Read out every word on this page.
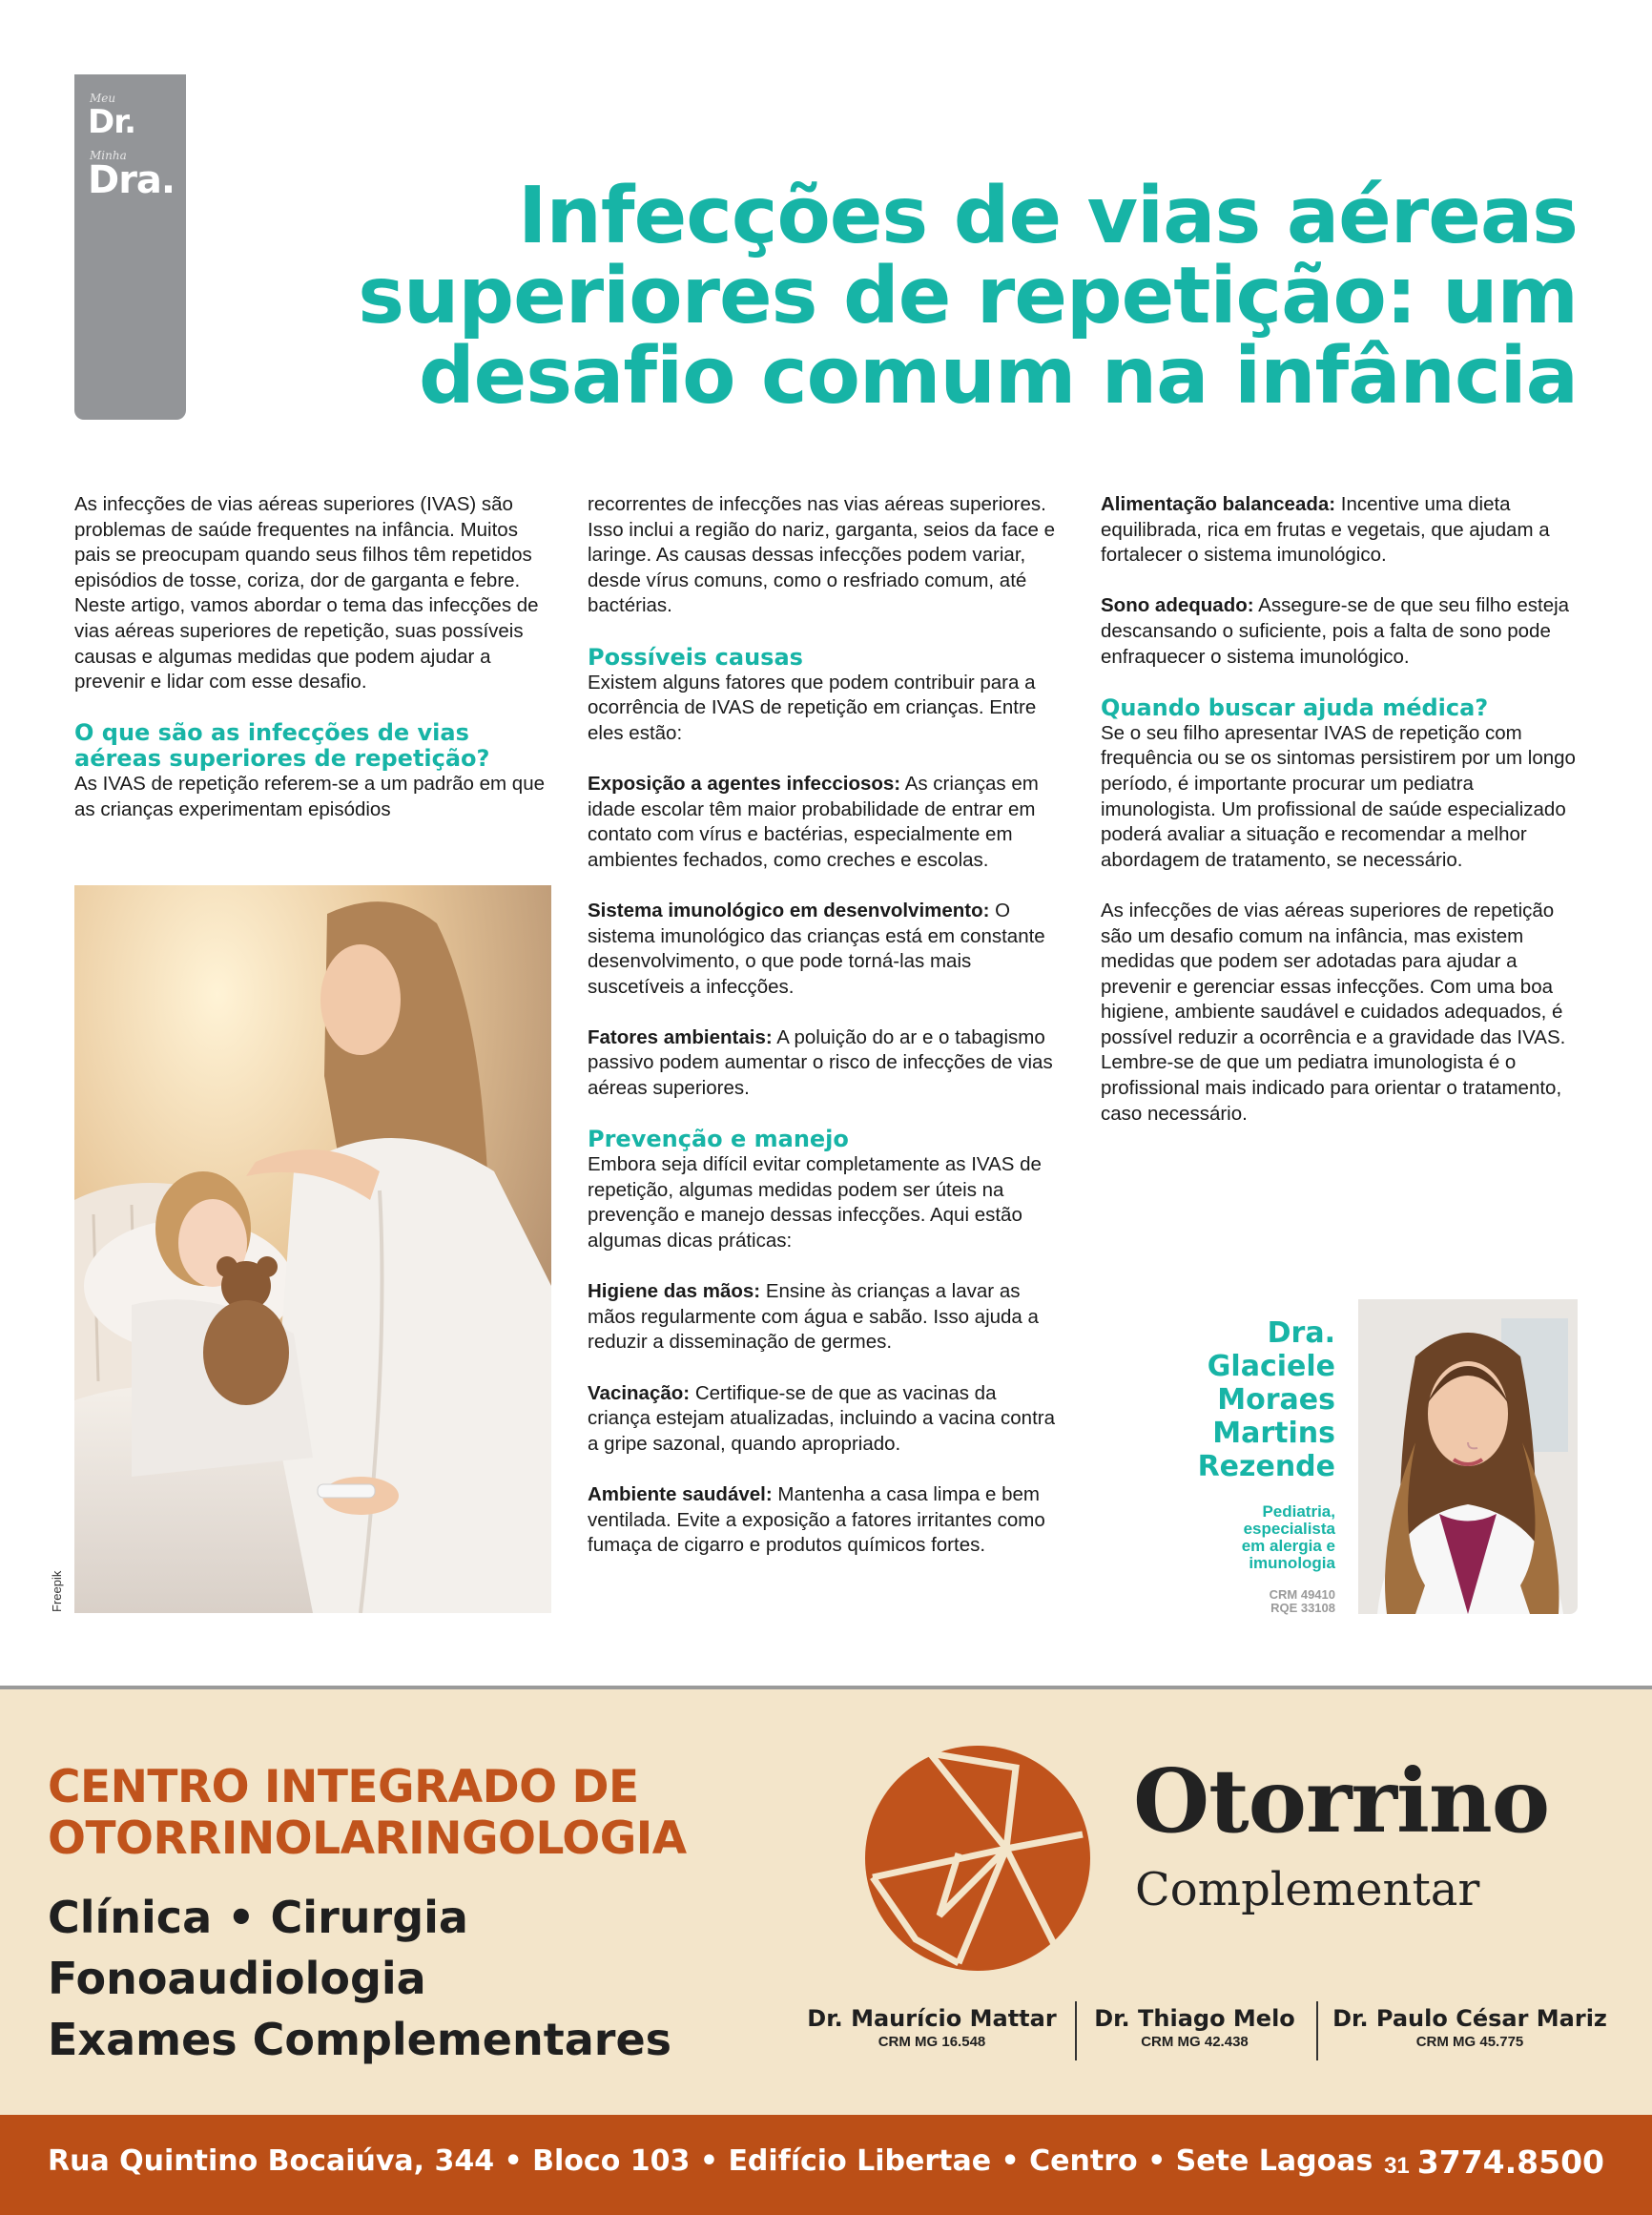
Meu
Dr.
Minha
Dra.	Infecções de vias aéreas
superiores de repetição: um
desafio comum na infância

As infecções de vias aéreas superiores (IVAS) são problemas de saúde frequentes na infância. Muitos pais se preocupam quando seus filhos têm repetidos episódios de tosse, coriza, dor de garganta e febre. Neste artigo, vamos abordar o tema das infecções de vias aéreas superiores de repetição, suas possíveis causas e algumas medidas que podem ajudar a prevenir e lidar com esse desafio.

O que são as infecções de vias aéreas superiores de repetição?

As IVAS de repetição referem-se a um padrão em que as crianças experimentam episódios

Freepik

recorrentes de infecções nas vias aéreas superiores. Isso inclui a região do nariz, garganta, seios da face e laringe. As causas dessas infecções podem variar, desde vírus comuns, como o resfriado comum, até bactérias.

Possíveis causas

Existem alguns fatores que podem contribuir para a ocorrência de IVAS de repetição em crianças. Entre eles estão:

Exposição a agentes infecciosos: As crianças em idade escolar têm maior probabilidade de entrar em contato com vírus e bactérias, especialmente em ambientes fechados, como creches e escolas.

Sistema imunológico em desenvolvimento: O sistema imunológico das crianças está em constante desenvolvimento, o que pode torná-las mais suscetíveis a infecções.

Fatores ambientais: A poluição do ar e o tabagismo passivo podem aumentar o risco de infecções de vias aéreas superiores.

Prevenção e manejo

Embora seja difícil evitar completamente as IVAS de repetição, algumas medidas podem ser úteis na prevenção e manejo dessas infecções. Aqui estão algumas dicas práticas:

Higiene das mãos: Ensine às crianças a lavar as mãos regularmente com água e sabão. Isso ajuda a reduzir a disseminação de germes.

Vacinação: Certifique-se de que as vacinas da criança estejam atualizadas, incluindo a vacina contra a gripe sazonal, quando apropriado.

Ambiente saudável: Mantenha a casa limpa e bem ventilada. Evite a exposição a fatores irritantes como fumaça de cigarro e produtos químicos fortes.

Alimentação balanceada: Incentive uma dieta equilibrada, rica em frutas e vegetais, que ajudam a fortalecer o sistema imunológico.

Sono adequado: Assegure-se de que seu filho esteja descansando o suficiente, pois a falta de sono pode enfraquecer o sistema imunológico.

Quando buscar ajuda médica?

Se o seu filho apresentar IVAS de repetição com frequência ou se os sintomas persistirem por um longo período, é importante procurar um pediatra imunologista. Um profissional de saúde especializado poderá avaliar a situação e recomendar a melhor abordagem de tratamento, se necessário.

As infecções de vias aéreas superiores de repetição são um desafio comum na infância, mas existem medidas que podem ser adotadas para ajudar a prevenir e gerenciar essas infecções. Com uma boa higiene, ambiente saudável e cuidados adequados, é possível reduzir a ocorrência e a gravidade das IVAS. Lembre-se de que um pediatra imunologista é o profissional mais indicado para orientar o tratamento, caso necessário.

Dra.
Glaciele
Moraes
Martins
Rezende
Pediatria,
especialista
em alergia e
imunologia
CRM 49410
RQE 33108
CENTRO INTEGRADO DE
OTORRINOLARINGOLOGIA
Clínica • Cirurgia
Fonoaudiologia
Exames Complementares
Otorrino
Complementar
Dr. Maurício Mattar
CRM MG 16.548
Dr. Thiago Melo
CRM MG 42.438
Dr. Paulo César Mariz
CRM MG 45.775
Rua Quintino Bocaiúva, 344 • Bloco 103 • Edifício Libertae • Centro • Sete Lagoas 31 3774.8500
